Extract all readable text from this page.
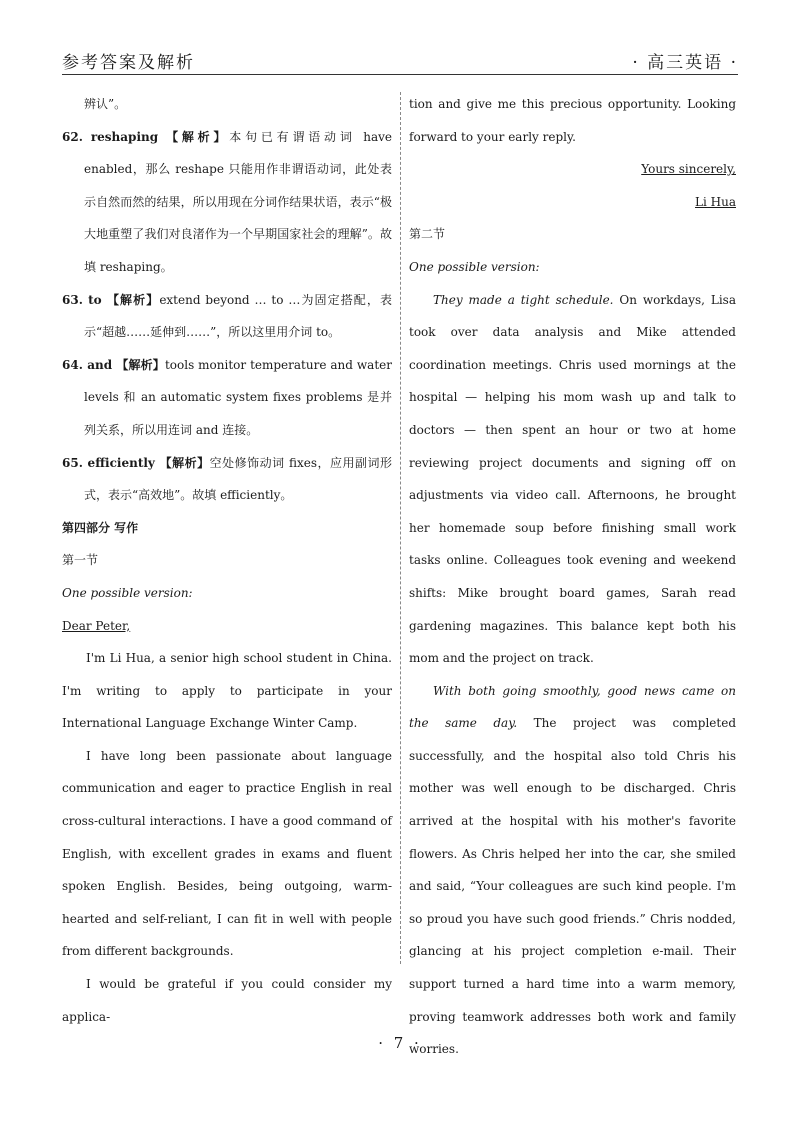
参考答案及解析	· 高三英语 ·

辨认”。

62. reshaping 【解析】本句已有谓语动词 have enabled，那么 reshape 只能用作非谓语动词，此处表示自然而然的结果，所以用现在分词作结果状语，表示“极大地重塑了我们对良渚作为一个早期国家社会的理解”。故填 reshaping。

63. to 【解析】extend beyond … to …为固定搭配，表示“超越……延伸到……”，所以这里用介词 to。

64. and 【解析】tools monitor temperature and water levels 和 an automatic system fixes problems 是并列关系，所以用连词 and 连接。

65. efficiently 【解析】空处修饰动词 fixes，应用副词形式，表示“高效地”。故填 efficiently。

第四部分 写作

第一节

One possible version:

Dear Peter,

I'm Li Hua, a senior high school student in China. I'm writing to apply to participate in your International Language Exchange Winter Camp.

I have long been passionate about language communication and eager to practice English in real cross-cultural interactions. I have a good command of English, with excellent grades in exams and fluent spoken English. Besides, being outgoing, warm-hearted and self-reliant, I can fit in well with people from different backgrounds.

I would be grateful if you could consider my applica-

tion and give me this precious opportunity. Looking forward to your early reply.

Yours sincerely,

Li Hua

第二节

One possible version:

They made a tight schedule. On workdays, Lisa took over data analysis and Mike attended coordination meetings. Chris used mornings at the hospital — helping his mom wash up and talk to doctors — then spent an hour or two at home reviewing project documents and signing off on adjustments via video call. Afternoons, he brought her homemade soup before finishing small work tasks online. Colleagues took evening and weekend shifts: Mike brought board games, Sarah read gardening magazines. This balance kept both his mom and the project on track.

With both going smoothly, good news came on the same day. The project was completed successfully, and the hospital also told Chris his mother was well enough to be discharged. Chris arrived at the hospital with his mother's favorite flowers. As Chris helped her into the car, she smiled and said, “Your colleagues are such kind people. I'm so proud you have such good friends.” Chris nodded, glancing at his project completion e-mail. Their support turned a hard time into a warm memory, proving teamwork addresses both work and family worries.

· 7 ·
